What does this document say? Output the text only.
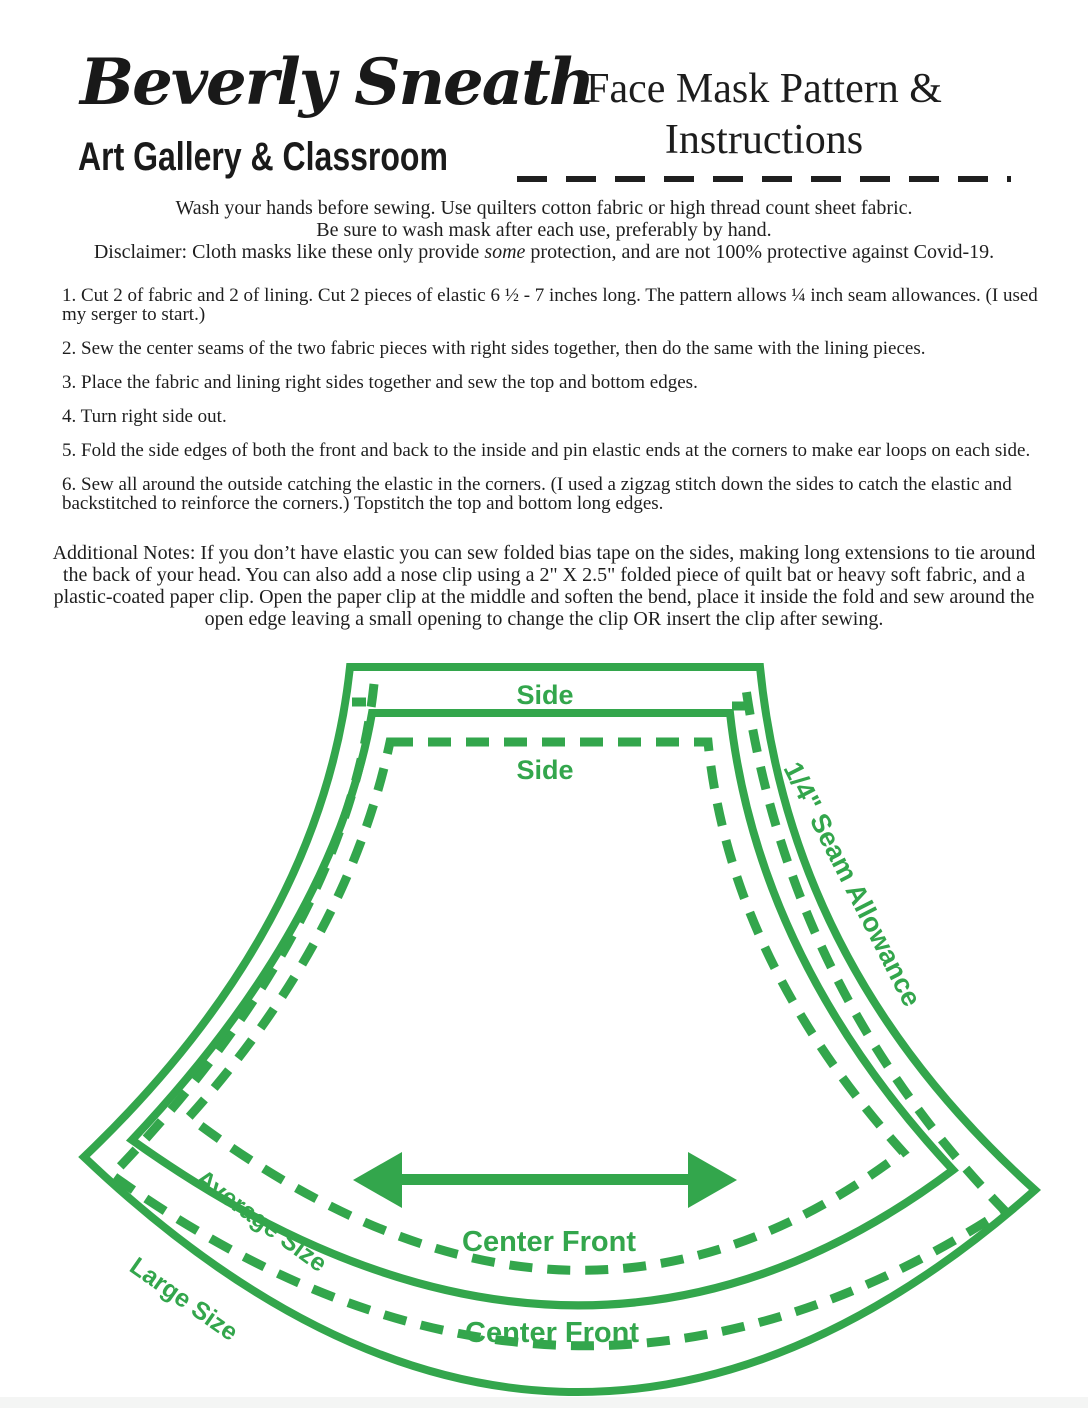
Beverly Sneath
Art Gallery & Classroom
Face Mask Pattern &
Instructions
Wash your hands before sewing. Use quilters cotton fabric or high thread count sheet fabric.
Be sure to wash mask after each use, preferably by hand.
Disclaimer: Cloth masks like these only provide some protection, and are not 100% protective against Covid-19.

1. Cut 2 of fabric and 2 of lining. Cut 2 pieces of elastic 6 ½ - 7 inches long. The pattern allows ¼ inch seam allowances. (I used my serger to start.)

2. Sew the center seams of the two fabric pieces with right sides together, then do the same with the lining pieces.

3. Place the fabric and lining right sides together and sew the top and bottom edges.

4. Turn right side out.

5. Fold the side edges of both the front and back to the inside and pin elastic ends at the corners to make ear loops on each side.

6. Sew all around the outside catching the elastic in the corners. (I used a zigzag stitch down the sides to catch the elastic and backstitched to reinforce the corners.) Topstitch the top and bottom long edges.

Additional Notes: If you don’t have elastic you can sew folded bias tape on the sides, making long extensions to tie around the back of your head. You can also add a nose clip using a 2" X 2.5" folded piece of quilt bat or heavy soft fabric, and a plastic-coated paper clip. Open the paper clip at the middle and soften the bend, place it inside the fold and sew around the open edge leaving a small opening to change the clip OR insert the clip after sewing.
Side
Side	1/4" Seam Allowance
Average Size
Large Size
Center Front
Center Front
